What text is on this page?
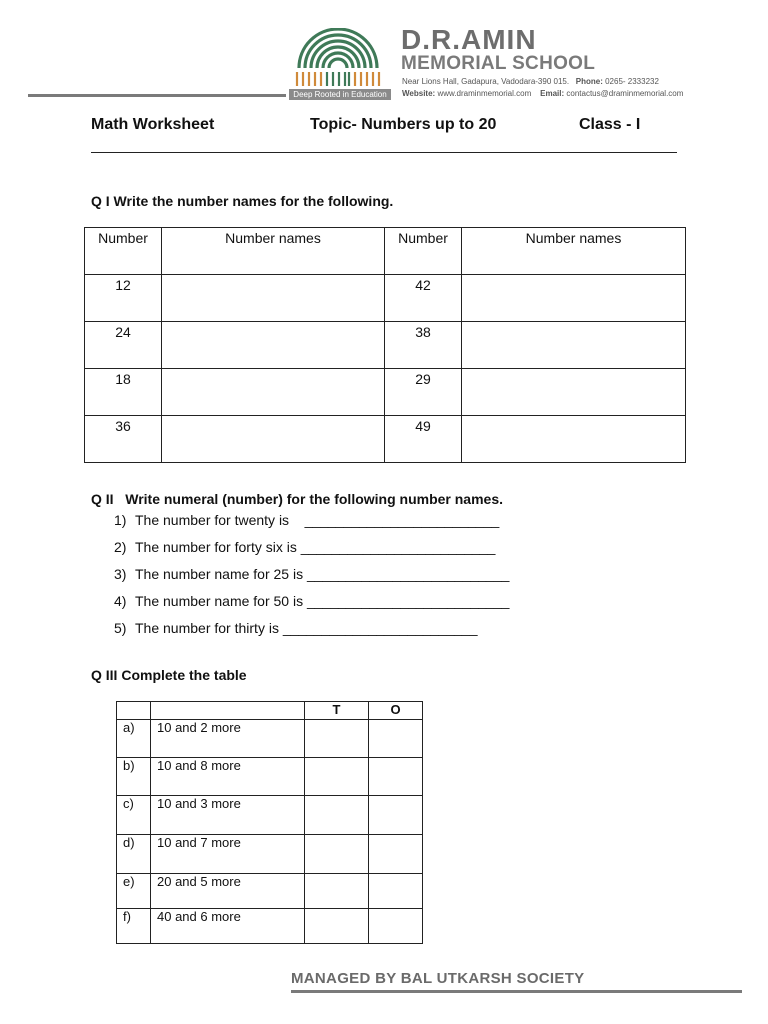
Deep Rooted in Education
D.R.AMIN
MEMORIAL SCHOOL
Near Lions Hall, Gadapura, Vadodara-390 015. Phone: 0265- 2333232
Website: www.draminmemorial.com Email: contactus@draminmemorial.com
Math Worksheet	Topic- Numbers up to 20	Class - I
Q I Write the number names for the following.
Number	Number names	Number	Number names
12		42	
24		38	
18		29	
36		49	
Q II   Write numeral (number) for the following number names.
1) The number for twenty is    _________________________
2) The number for forty six is _________________________
3) The number name for 25 is __________________________
4) The number name for 50 is __________________________
5) The number for thirty is _________________________
Q III Complete the table
		T	O
a)	10 and 2 more		
b)	10 and 8 more		
c)	10 and 3 more		
d)	10 and 7 more		
e)	20 and 5 more		
f)	40 and 6 more		
MANAGED BY BAL UTKARSH SOCIETY
